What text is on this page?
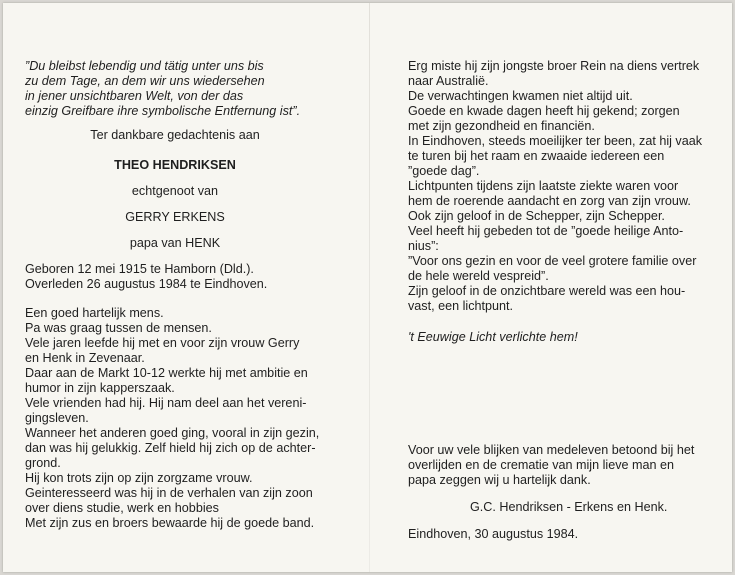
”Du bleibst lebendig und tätig unter uns bis
zu dem Tage, an dem wir uns wiedersehen
in jener unsichtbaren Welt, von der das
einzig Greifbare ihre symbolische Entfernung ist”.
Ter dankbare gedachtenis aan
THEO HENDRIKSEN
echtgenoot van
GERRY ERKENS
papa van HENK
Geboren 12 mei 1915 te Hamborn (Dld.).
Overleden 26 augustus 1984 te Eindhoven.
Een goed hartelijk mens.
Pa was graag tussen de mensen.
Vele jaren leefde hij met en voor zijn vrouw Gerry
en Henk in Zevenaar.
Daar aan de Markt 10-12 werkte hij met ambitie en
humor in zijn kapperszaak.
Vele vrienden had hij. Hij nam deel aan het vereni-
gingsleven.
Wanneer het anderen goed ging, vooral in zijn gezin,
dan was hij gelukkig. Zelf hield hij zich op de achter-
grond.
Hij kon trots zijn op zijn zorgzame vrouw.
Geinteresseerd was hij in de verhalen van zijn zoon
over diens studie, werk en hobbies
Met zijn zus en broers bewaarde hij de goede band.
Erg miste hij zijn jongste broer Rein na diens vertrek
naar Australië.
De verwachtingen kwamen niet altijd uit.
Goede en kwade dagen heeft hij gekend; zorgen
met zijn gezondheid en financiën.
In Eindhoven, steeds moeilijker ter been, zat hij vaak
te turen bij het raam en zwaaide iedereen een
”goede dag”.
Lichtpunten tijdens zijn laatste ziekte waren voor
hem de roerende aandacht en zorg van zijn vrouw.
Ook zijn geloof in de Schepper, zijn Schepper.
Veel heeft hij gebeden tot de ”goede heilige Anto-
nius”:
”Voor ons gezin en voor de veel grotere familie over
de hele wereld vespreid”.
Zijn geloof in de onzichtbare wereld was een hou-
vast, een lichtpunt.
't Eeuwige Licht verlichte hem!
Voor uw vele blijken van medeleven betoond bij het
overlijden en de crematie van mijn lieve man en
papa zeggen wij u hartelijk dank.
G.C. Hendriksen - Erkens en Henk.
Eindhoven, 30 augustus 1984.
